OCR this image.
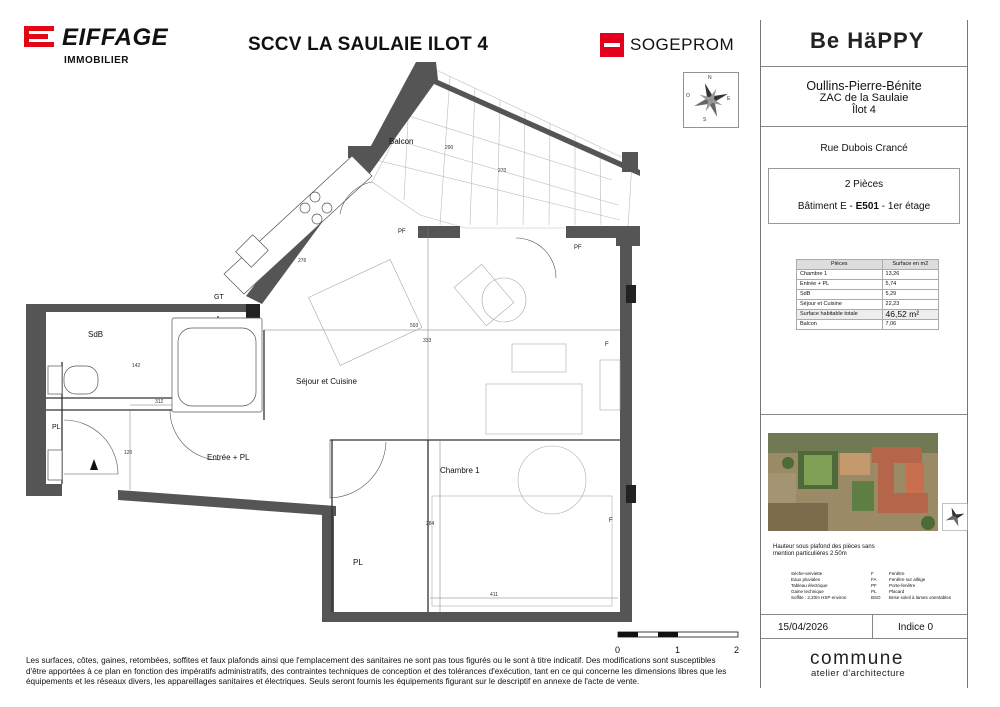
EIFFAGE
IMMOBILIER
SCCV LA SAULAIE ILOT 4	SOGEPROM
N
E
S
O
Balcon
SdB
Séjour et Cuisine
Entrée + PL
Chambre 1
PL
PL
GT
PF
PF
F
F
290
270
276
593
333
312
142
120
284
411
0	1	2
Les surfaces, côtes, gaines, retombées, soffites et faux plafonds ainsi que l'emplacement des sanitaires ne sont pas tous figurés ou le sont à titre indicatif. Des modifications sont susceptibles d'être apportées à ce plan en fonction des impératifs administratifs, des contraintes techniques de conception et des tolérances d'exécution, tant en ce qui concerne les dimensions libres que les équipements et les réseaux divers, les appareillages sanitaires et électriques. Seuls seront fournis les équipements figurant sur le descriptif en annexe de l'acte de vente.
Be HäPPY
Oullins-Pierre-Bénite
ZAC de la Saulaie
Îlot 4
Rue Dubois Crancé
2 Pièces
Bâtiment E - E501 - 1er étage
Pièces	Surface en m2
Chambre 1	13,26
Entrée + PL	5,74
SdB	5,29
Séjour et Cuisine	22,23
Surface habitable totale	46,52 m²
Balcon	7,06
Hauteur sous plafond des pièces sans mention particulières 2.50m
Sèche-serviette	F	Fenêtre
Eaux pluviales	FA	Fenêtre sur allège
Tableau électrique	PF	Porte-fenêtre
Gaine technique	PL	Placard
Soffite : 2,20m HSP environ	BSO	Brise soleil à lames orientables
15/04/2026	Indice 0
commune
atelier d'architecture
